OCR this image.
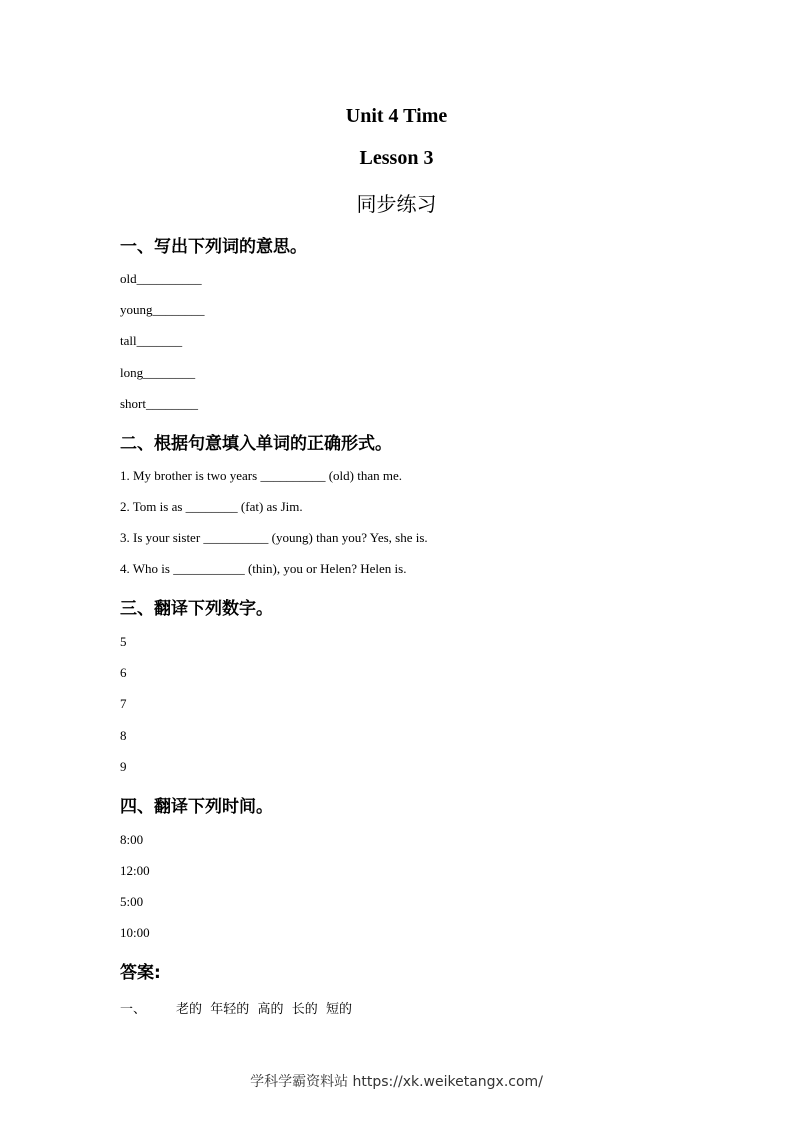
Unit 4 Time
Lesson 3
同步练习
一、写出下列词的意思。
old__________
young________
tall_______
long________
short________
二、根据句意填入单词的正确形式。
1. My brother is two years __________ (old) than me.
2. Tom is as ________ (fat) as Jim.
3. Is your sister __________ (young) than you? Yes, she is.
4. Who is ___________ (thin), you or Helen? Helen is.
三、翻译下列数字。
5
6
7
8
9
四、翻译下列时间。
8:00
12:00
5:00
10:00
答案:
一、 老的  年轻的  高的  长的  短的
学科学霸资料站 https://xk.weiketangx.com/
